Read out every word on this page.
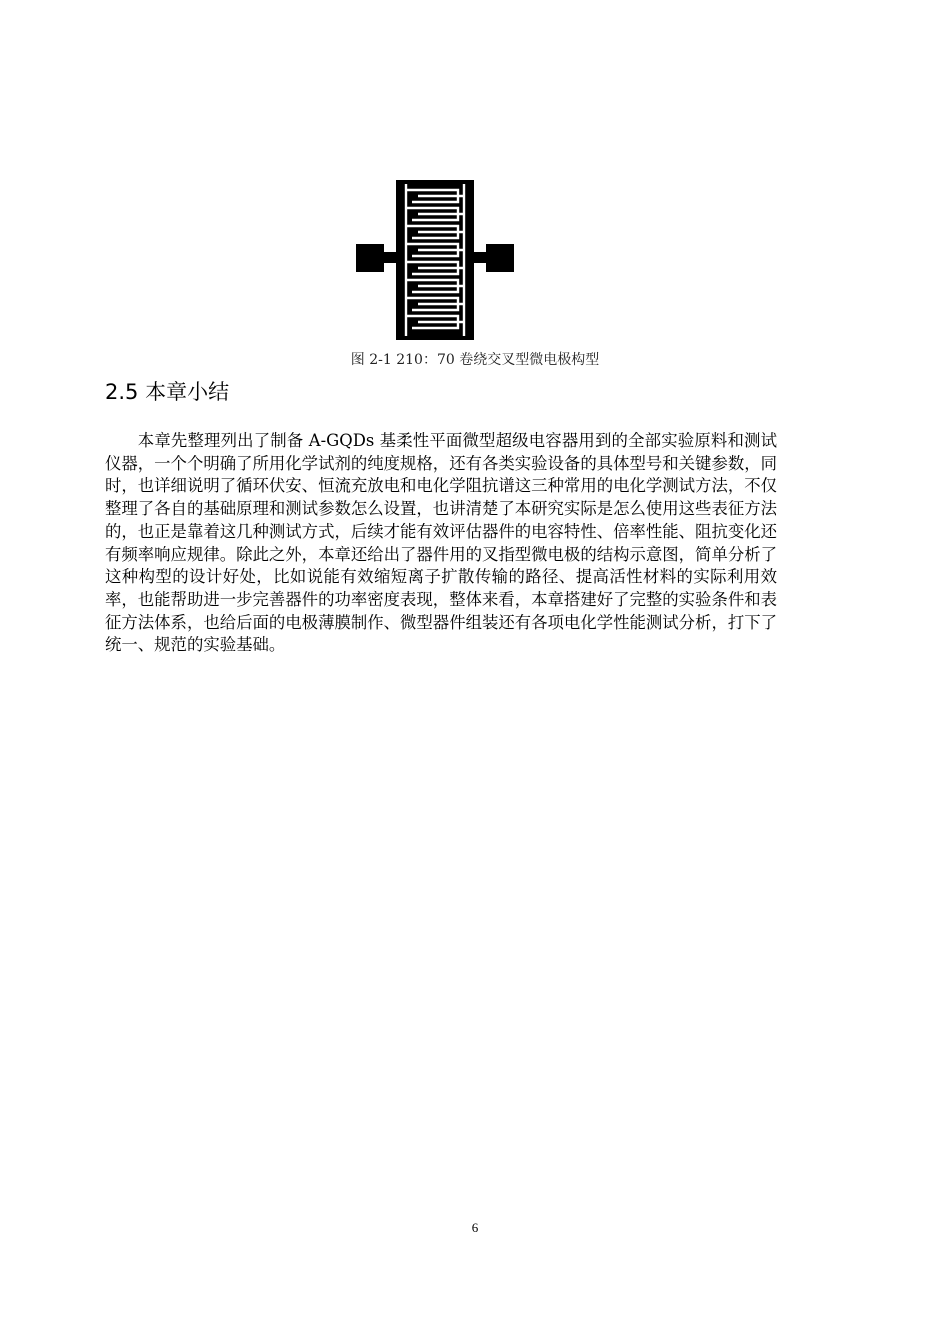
图 2-1 210：70 卷绕交叉型微电极构型
2.5 本章小结
本章先整理列出了制备 A-GQDs 基柔性平面微型超级电容器用到的全部实验原料和测试仪器，一个个明确了所用化学试剂的纯度规格，还有各类实验设备的具体型号和关键参数，同时，也详细说明了循环伏安、恒流充放电和电化学阻抗谱这三种常用的电化学测试方法，不仅整理了各自的基础原理和测试参数怎么设置，也讲清楚了本研究实际是怎么使用这些表征方法的，也正是靠着这几种测试方式，后续才能有效评估器件的电容特性、倍率性能、阻抗变化还有频率响应规律。除此之外，本章还给出了器件用的叉指型微电极的结构示意图，简单分析了这种构型的设计好处，比如说能有效缩短离子扩散传输的路径、提高活性材料的实际利用效率，也能帮助进一步完善器件的功率密度表现，整体来看，本章搭建好了完整的实验条件和表征方法体系，也给后面的电极薄膜制作、微型器件组装还有各项电化学性能测试分析，打下了统一、规范的实验基础。
6
